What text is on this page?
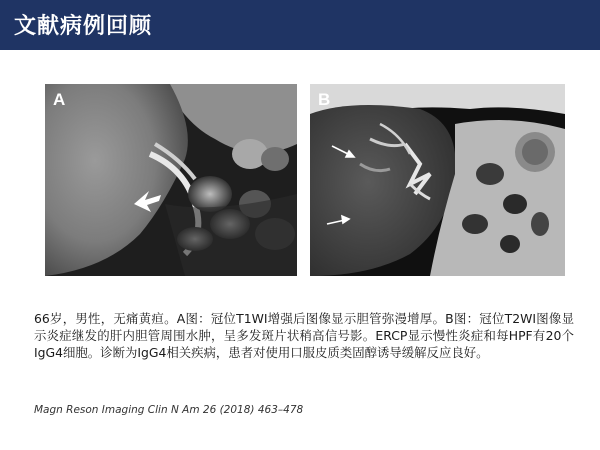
文献病例回顾
A	B
66岁，男性，无痛黄疸。A图：冠位T1WI增强后图像显示胆管弥漫增厚。B图：冠位T2WI图像显示炎症继发的肝内胆管周围水肿，呈多发斑片状稍高信号影。ERCP显示慢性炎症和每HPF有20个IgG4细胞。诊断为IgG4相关疾病，患者对使用口服皮质类固醇诱导缓解反应良好。
Magn Reson Imaging Clin N Am 26 (2018) 463–478
